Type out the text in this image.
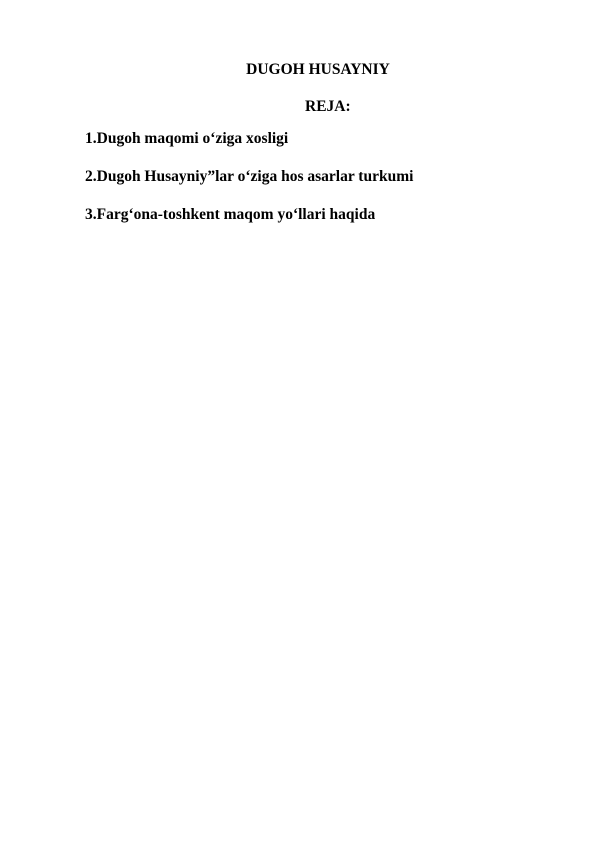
DUGOH HUSAYNIY
REJA:
1.Dugoh maqomi o‘ziga xosligi
2.Dugoh Husayniy”lar o‘ziga hos asarlar turkumi
3.Farg‘ona-toshkent maqom yo‘llari haqida
